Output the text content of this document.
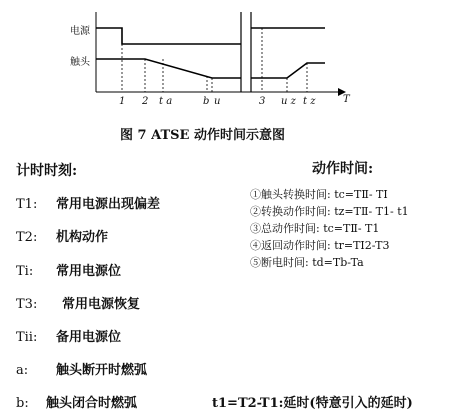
电源
触头
T
1 2 t a	b u	3 u z t z
图 7 ATSE 动作时间示意图
计时时刻:	动作时间:
T1: 常用电源出现偏差
T2: 机构动作
Tⅰ: 常用电源位
T3: 常用电源恢复
Tⅱ: 备用电源位
a: 触头断开时燃弧
b: 触头闭合时燃弧
①触头转换时间: tc=TⅡ- TⅠ
②转换动作时间: tz=TⅡ- T1- t1
③总动作时间: tc=TⅡ- T1
④返回动作时间: tr=TⅠ2-T3
⑤断电时间: td=Tb-Ta
t1=T2-T1:延时(特意引入的延时)
